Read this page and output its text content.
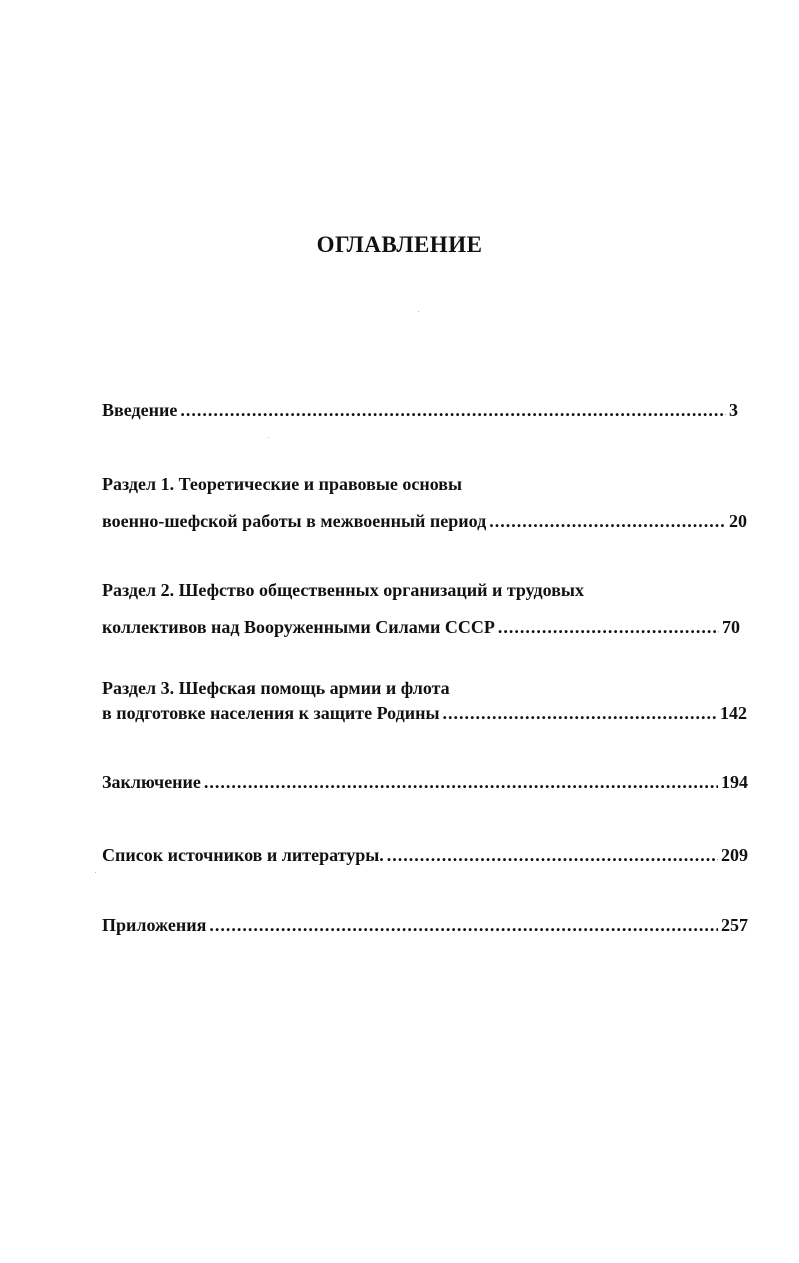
ОГЛАВЛЕНИЕ
Введение .....	3
Раздел 1. Теоретические и правовые основы
военно-шефской работы в межвоенный период .....	20
Раздел 2. Шефство общественных организаций и трудовых
коллективов над Вооруженными Силами СССР .....	70
Раздел 3. Шефская помощь армии и флота
в подготовке населения к защите Родины .....	142
Заключение .....	194
Список источников и литературы. .....	209
Приложения .....	257
